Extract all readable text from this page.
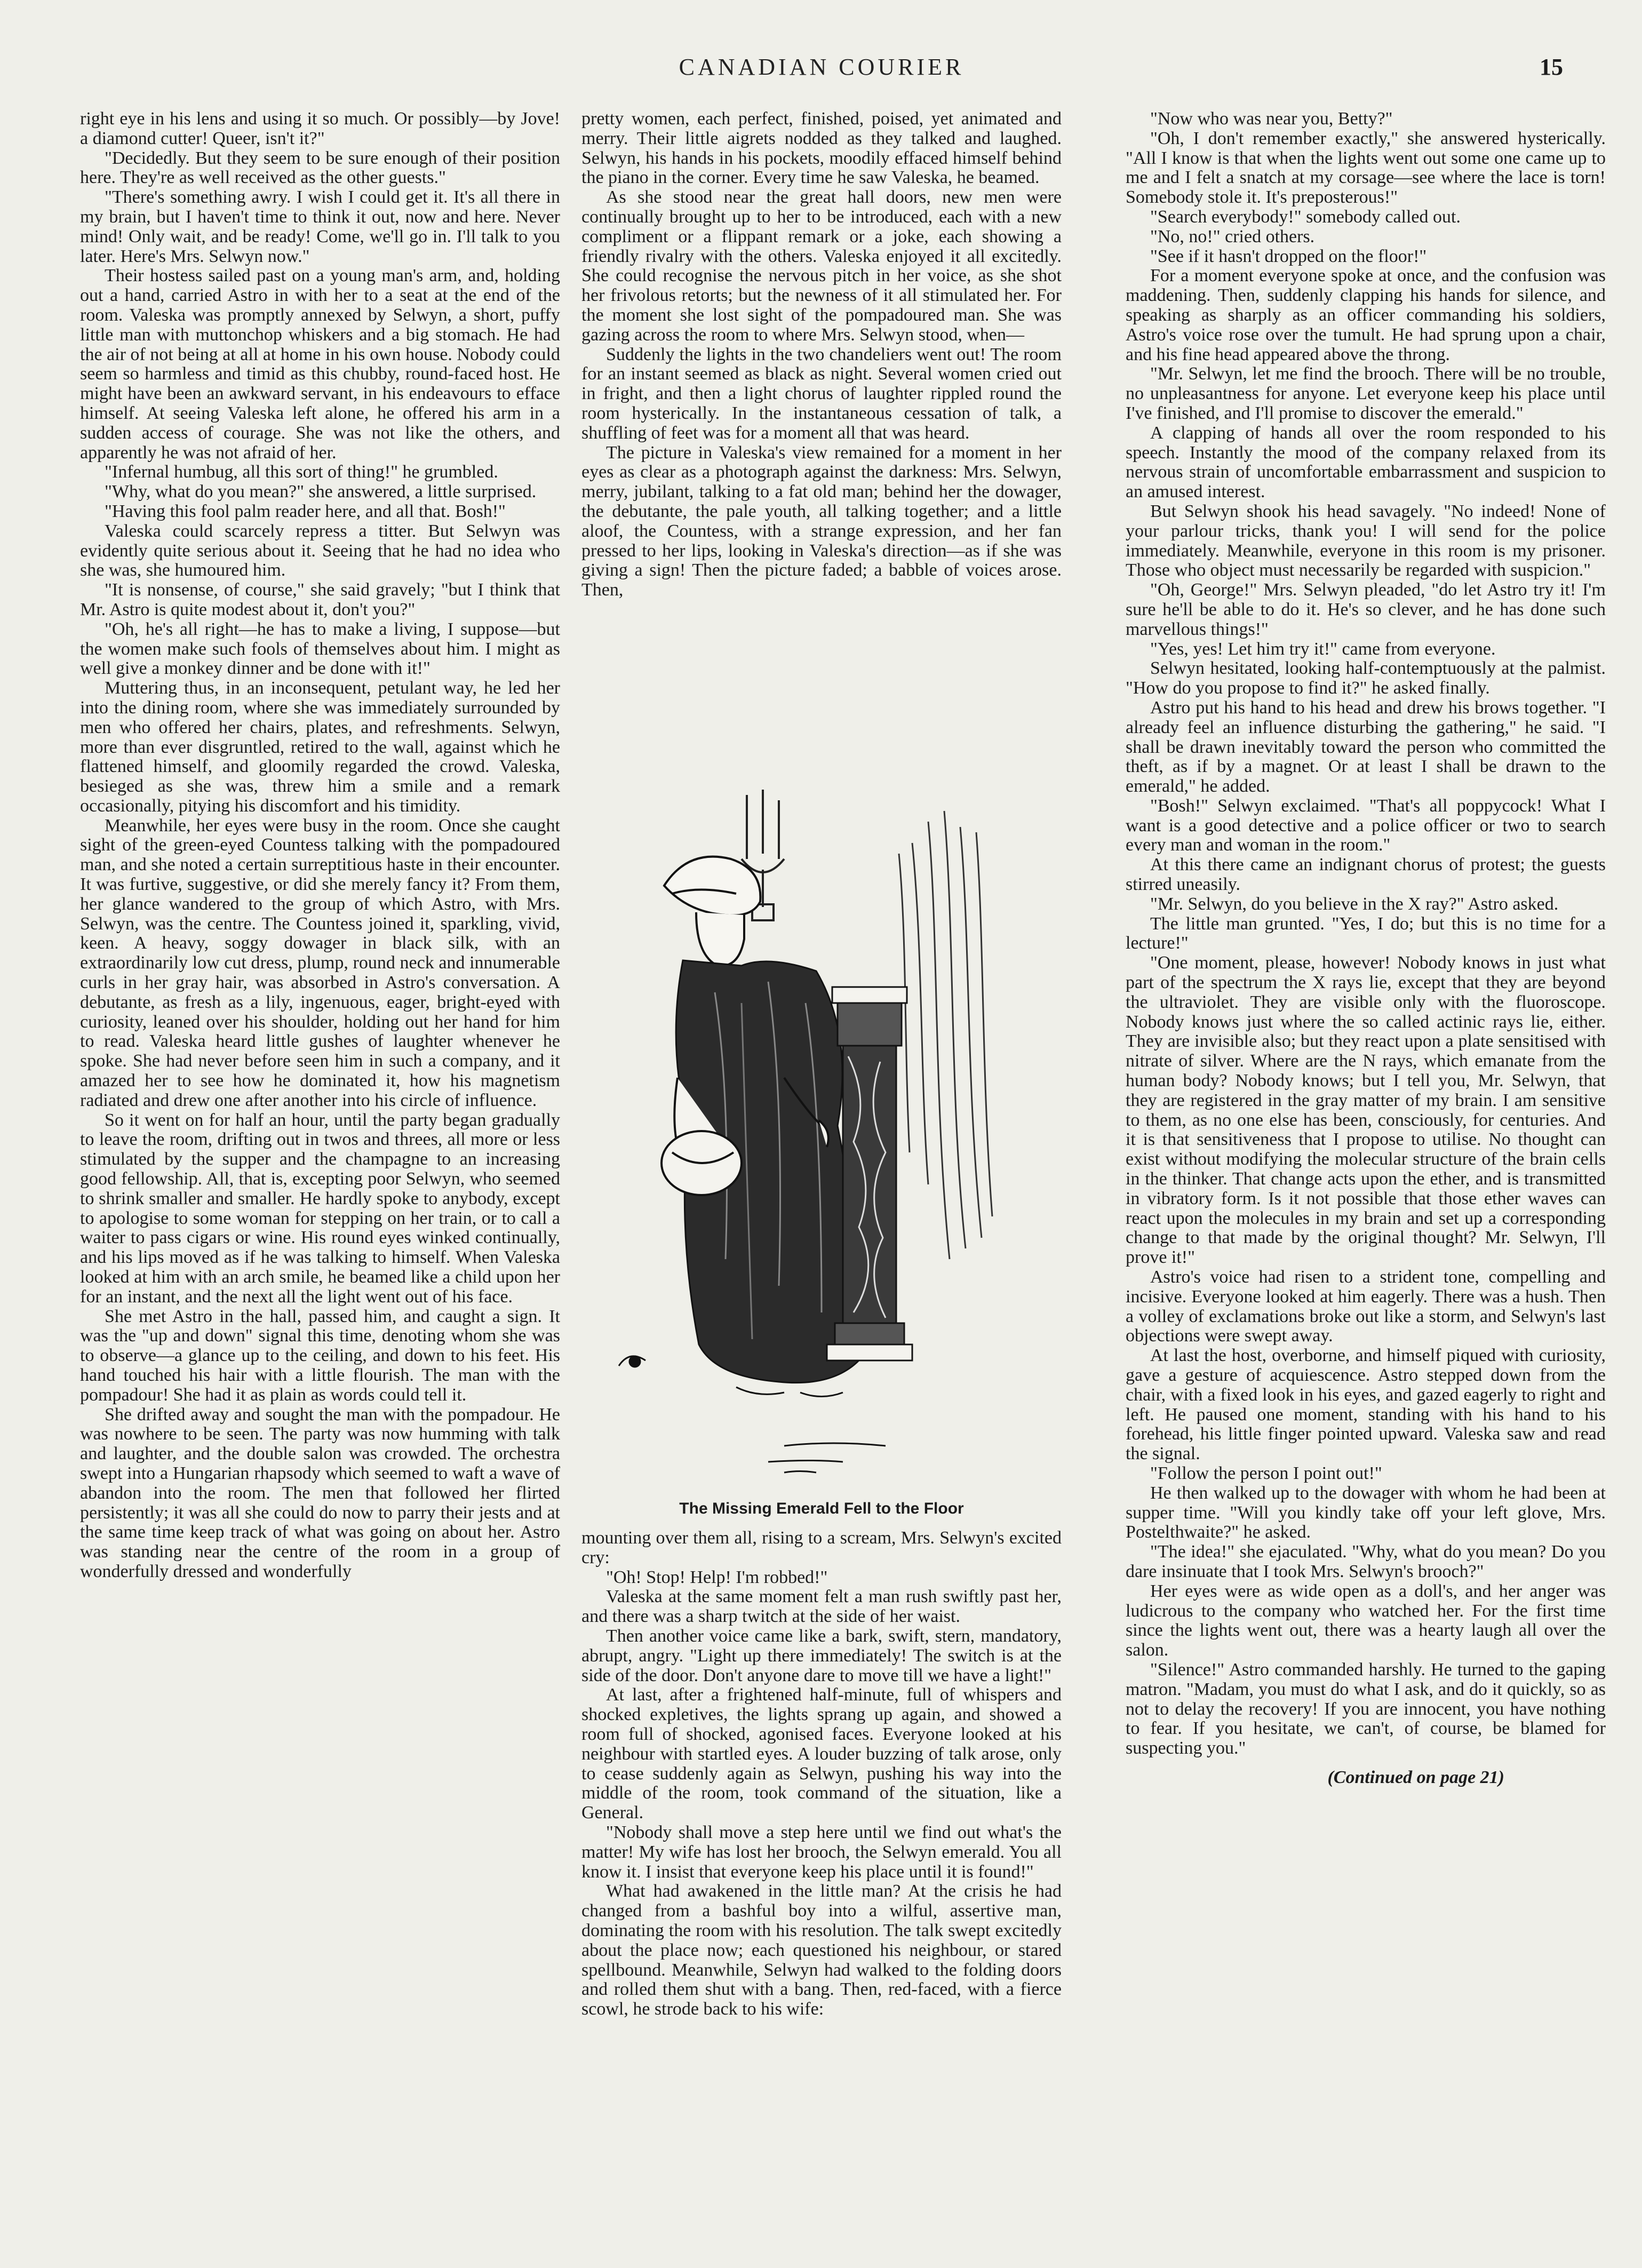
CANADIAN COURIER	15

right eye in his lens and using it so much. Or possibly—by Jove! a diamond cutter! Queer, isn't it?"

"Decidedly. But they seem to be sure enough of their position here. They're as well received as the other guests."

"There's something awry. I wish I could get it. It's all there in my brain, but I haven't time to think it out, now and here. Never mind! Only wait, and be ready! Come, we'll go in. I'll talk to you later. Here's Mrs. Selwyn now."

Their hostess sailed past on a young man's arm, and, holding out a hand, carried Astro in with her to a seat at the end of the room. Valeska was promptly annexed by Selwyn, a short, puffy little man with muttonchop whiskers and a big stomach. He had the air of not being at all at home in his own house. Nobody could seem so harmless and timid as this chubby, round-faced host. He might have been an awkward servant, in his endeavours to efface himself. At seeing Valeska left alone, he offered his arm in a sudden access of courage. She was not like the others, and apparently he was not afraid of her.

"Infernal humbug, all this sort of thing!" he grumbled.

"Why, what do you mean?" she answered, a little surprised.

"Having this fool palm reader here, and all that. Bosh!"

Valeska could scarcely repress a titter. But Selwyn was evidently quite serious about it. Seeing that he had no idea who she was, she humoured him.

"It is nonsense, of course," she said gravely; "but I think that Mr. Astro is quite modest about it, don't you?"

"Oh, he's all right—he has to make a living, I suppose—but the women make such fools of themselves about him. I might as well give a monkey dinner and be done with it!"

Muttering thus, in an inconsequent, petulant way, he led her into the dining room, where she was immediately surrounded by men who offered her chairs, plates, and refreshments. Selwyn, more than ever disgruntled, retired to the wall, against which he flattened himself, and gloomily regarded the crowd. Valeska, besieged as she was, threw him a smile and a remark occasionally, pitying his discomfort and his timidity.

Meanwhile, her eyes were busy in the room. Once she caught sight of the green-eyed Countess talking with the pompadoured man, and she noted a certain surreptitious haste in their encounter. It was furtive, suggestive, or did she merely fancy it? From them, her glance wandered to the group of which Astro, with Mrs. Selwyn, was the centre. The Countess joined it, sparkling, vivid, keen. A heavy, soggy dowager in black silk, with an extraordinarily low cut dress, plump, round neck and innumerable curls in her gray hair, was absorbed in Astro's conversation. A debutante, as fresh as a lily, ingenuous, eager, bright-eyed with curiosity, leaned over his shoulder, holding out her hand for him to read. Valeska heard little gushes of laughter whenever he spoke. She had never before seen him in such a company, and it amazed her to see how he dominated it, how his magnetism radiated and drew one after another into his circle of influence.

So it went on for half an hour, until the party began gradually to leave the room, drifting out in twos and threes, all more or less stimulated by the supper and the champagne to an increasing good fellowship. All, that is, excepting poor Selwyn, who seemed to shrink smaller and smaller. He hardly spoke to anybody, except to apologise to some woman for stepping on her train, or to call a waiter to pass cigars or wine. His round eyes winked continually, and his lips moved as if he was talking to himself. When Valeska looked at him with an arch smile, he beamed like a child upon her for an instant, and the next all the light went out of his face.

She met Astro in the hall, passed him, and caught a sign. It was the "up and down" signal this time, denoting whom she was to observe—a glance up to the ceiling, and down to his feet. His hand touched his hair with a little flourish. The man with the pompadour! She had it as plain as words could tell it.

She drifted away and sought the man with the pompadour. He was nowhere to be seen. The party was now humming with talk and laughter, and the double salon was crowded. The orchestra swept into a Hungarian rhapsody which seemed to waft a wave of abandon into the room. The men that followed her flirted persistently; it was all she could do now to parry their jests and at the same time keep track of what was going on about her. Astro was standing near the centre of the room in a group of wonderfully dressed and wonderfully

pretty women, each perfect, finished, poised, yet animated and merry. Their little aigrets nodded as they talked and laughed. Selwyn, his hands in his pockets, moodily effaced himself behind the piano in the corner. Every time he saw Valeska, he beamed.

As she stood near the great hall doors, new men were continually brought up to her to be introduced, each with a new compliment or a flippant remark or a joke, each showing a friendly rivalry with the others. Valeska enjoyed it all excitedly. She could recognise the nervous pitch in her voice, as she shot her frivolous retorts; but the newness of it all stimulated her. For the moment she lost sight of the pompadoured man. She was gazing across the room to where Mrs. Selwyn stood, when—

Suddenly the lights in the two chandeliers went out! The room for an instant seemed as black as night. Several women cried out in fright, and then a light chorus of laughter rippled round the room hysterically. In the instantaneous cessation of talk, a shuffling of feet was for a moment all that was heard.

The picture in Valeska's view remained for a moment in her eyes as clear as a photograph against the darkness: Mrs. Selwyn, merry, jubilant, talking to a fat old man; behind her the dowager, the debutante, the pale youth, all talking together; and a little aloof, the Countess, with a strange expression, and her fan pressed to her lips, looking in Valeska's direction—as if she was giving a sign! Then the picture faded; a babble of voices arose. Then,

The Missing Emerald Fell to the Floor

mounting over them all, rising to a scream, Mrs. Selwyn's excited cry:

"Oh! Stop! Help! I'm robbed!"

Valeska at the same moment felt a man rush swiftly past her, and there was a sharp twitch at the side of her waist.

Then another voice came like a bark, swift, stern, mandatory, abrupt, angry. "Light up there immediately! The switch is at the side of the door. Don't anyone dare to move till we have a light!"

At last, after a frightened half-minute, full of whispers and shocked expletives, the lights sprang up again, and showed a room full of shocked, agonised faces. Everyone looked at his neighbour with startled eyes. A louder buzzing of talk arose, only to cease suddenly again as Selwyn, pushing his way into the middle of the room, took command of the situation, like a General.

"Nobody shall move a step here until we find out what's the matter! My wife has lost her brooch, the Selwyn emerald. You all know it. I insist that everyone keep his place until it is found!"

What had awakened in the little man? At the crisis he had changed from a bashful boy into a wilful, assertive man, dominating the room with his resolution. The talk swept excitedly about the place now; each questioned his neighbour, or stared spellbound. Meanwhile, Selwyn had walked to the folding doors and rolled them shut with a bang. Then, red-faced, with a fierce scowl, he strode back to his wife:

"Now who was near you, Betty?"

"Oh, I don't remember exactly," she answered hysterically. "All I know is that when the lights went out some one came up to me and I felt a snatch at my corsage—see where the lace is torn! Somebody stole it. It's preposterous!"

"Search everybody!" somebody called out.

"No, no!" cried others.

"See if it hasn't dropped on the floor!"

For a moment everyone spoke at once, and the confusion was maddening. Then, suddenly clapping his hands for silence, and speaking as sharply as an officer commanding his soldiers, Astro's voice rose over the tumult. He had sprung upon a chair, and his fine head appeared above the throng.

"Mr. Selwyn, let me find the brooch. There will be no trouble, no unpleasantness for anyone. Let everyone keep his place until I've finished, and I'll promise to discover the emerald."

A clapping of hands all over the room responded to his speech. Instantly the mood of the company relaxed from its nervous strain of uncomfortable embarrassment and suspicion to an amused interest.

But Selwyn shook his head savagely. "No indeed! None of your parlour tricks, thank you! I will send for the police immediately. Meanwhile, everyone in this room is my prisoner. Those who object must necessarily be regarded with suspicion."

"Oh, George!" Mrs. Selwyn pleaded, "do let Astro try it! I'm sure he'll be able to do it. He's so clever, and he has done such marvellous things!"

"Yes, yes! Let him try it!" came from everyone.

Selwyn hesitated, looking half-contemptuously at the palmist. "How do you propose to find it?" he asked finally.

Astro put his hand to his head and drew his brows together. "I already feel an influence disturbing the gathering," he said. "I shall be drawn inevitably toward the person who committed the theft, as if by a magnet. Or at least I shall be drawn to the emerald," he added.

"Bosh!" Selwyn exclaimed. "That's all poppycock! What I want is a good detective and a police officer or two to search every man and woman in the room."

At this there came an indignant chorus of protest; the guests stirred uneasily.

"Mr. Selwyn, do you believe in the X ray?" Astro asked.

The little man grunted. "Yes, I do; but this is no time for a lecture!"

"One moment, please, however! Nobody knows in just what part of the spectrum the X rays lie, except that they are beyond the ultraviolet. They are visible only with the fluoroscope. Nobody knows just where the so called actinic rays lie, either. They are invisible also; but they react upon a plate sensitised with nitrate of silver. Where are the N rays, which emanate from the human body? Nobody knows; but I tell you, Mr. Selwyn, that they are registered in the gray matter of my brain. I am sensitive to them, as no one else has been, consciously, for centuries. And it is that sensitiveness that I propose to utilise. No thought can exist without modifying the molecular structure of the brain cells in the thinker. That change acts upon the ether, and is transmitted in vibratory form. Is it not possible that those ether waves can react upon the molecules in my brain and set up a corresponding change to that made by the original thought? Mr. Selwyn, I'll prove it!"

Astro's voice had risen to a strident tone, compelling and incisive. Everyone looked at him eagerly. There was a hush. Then a volley of exclamations broke out like a storm, and Selwyn's last objections were swept away.

At last the host, overborne, and himself piqued with curiosity, gave a gesture of acquiescence. Astro stepped down from the chair, with a fixed look in his eyes, and gazed eagerly to right and left. He paused one moment, standing with his hand to his forehead, his little finger pointed upward. Valeska saw and read the signal.

"Follow the person I point out!"

He then walked up to the dowager with whom he had been at supper time. "Will you kindly take off your left glove, Mrs. Postelthwaite?" he asked.

"The idea!" she ejaculated. "Why, what do you mean? Do you dare insinuate that I took Mrs. Selwyn's brooch?"

Her eyes were as wide open as a doll's, and her anger was ludicrous to the company who watched her. For the first time since the lights went out, there was a hearty laugh all over the salon.

"Silence!" Astro commanded harshly. He turned to the gaping matron. "Madam, you must do what I ask, and do it quickly, so as not to delay the recovery! If you are innocent, you have nothing to fear. If you hesitate, we can't, of course, be blamed for suspecting you."

(Continued on page 21)
